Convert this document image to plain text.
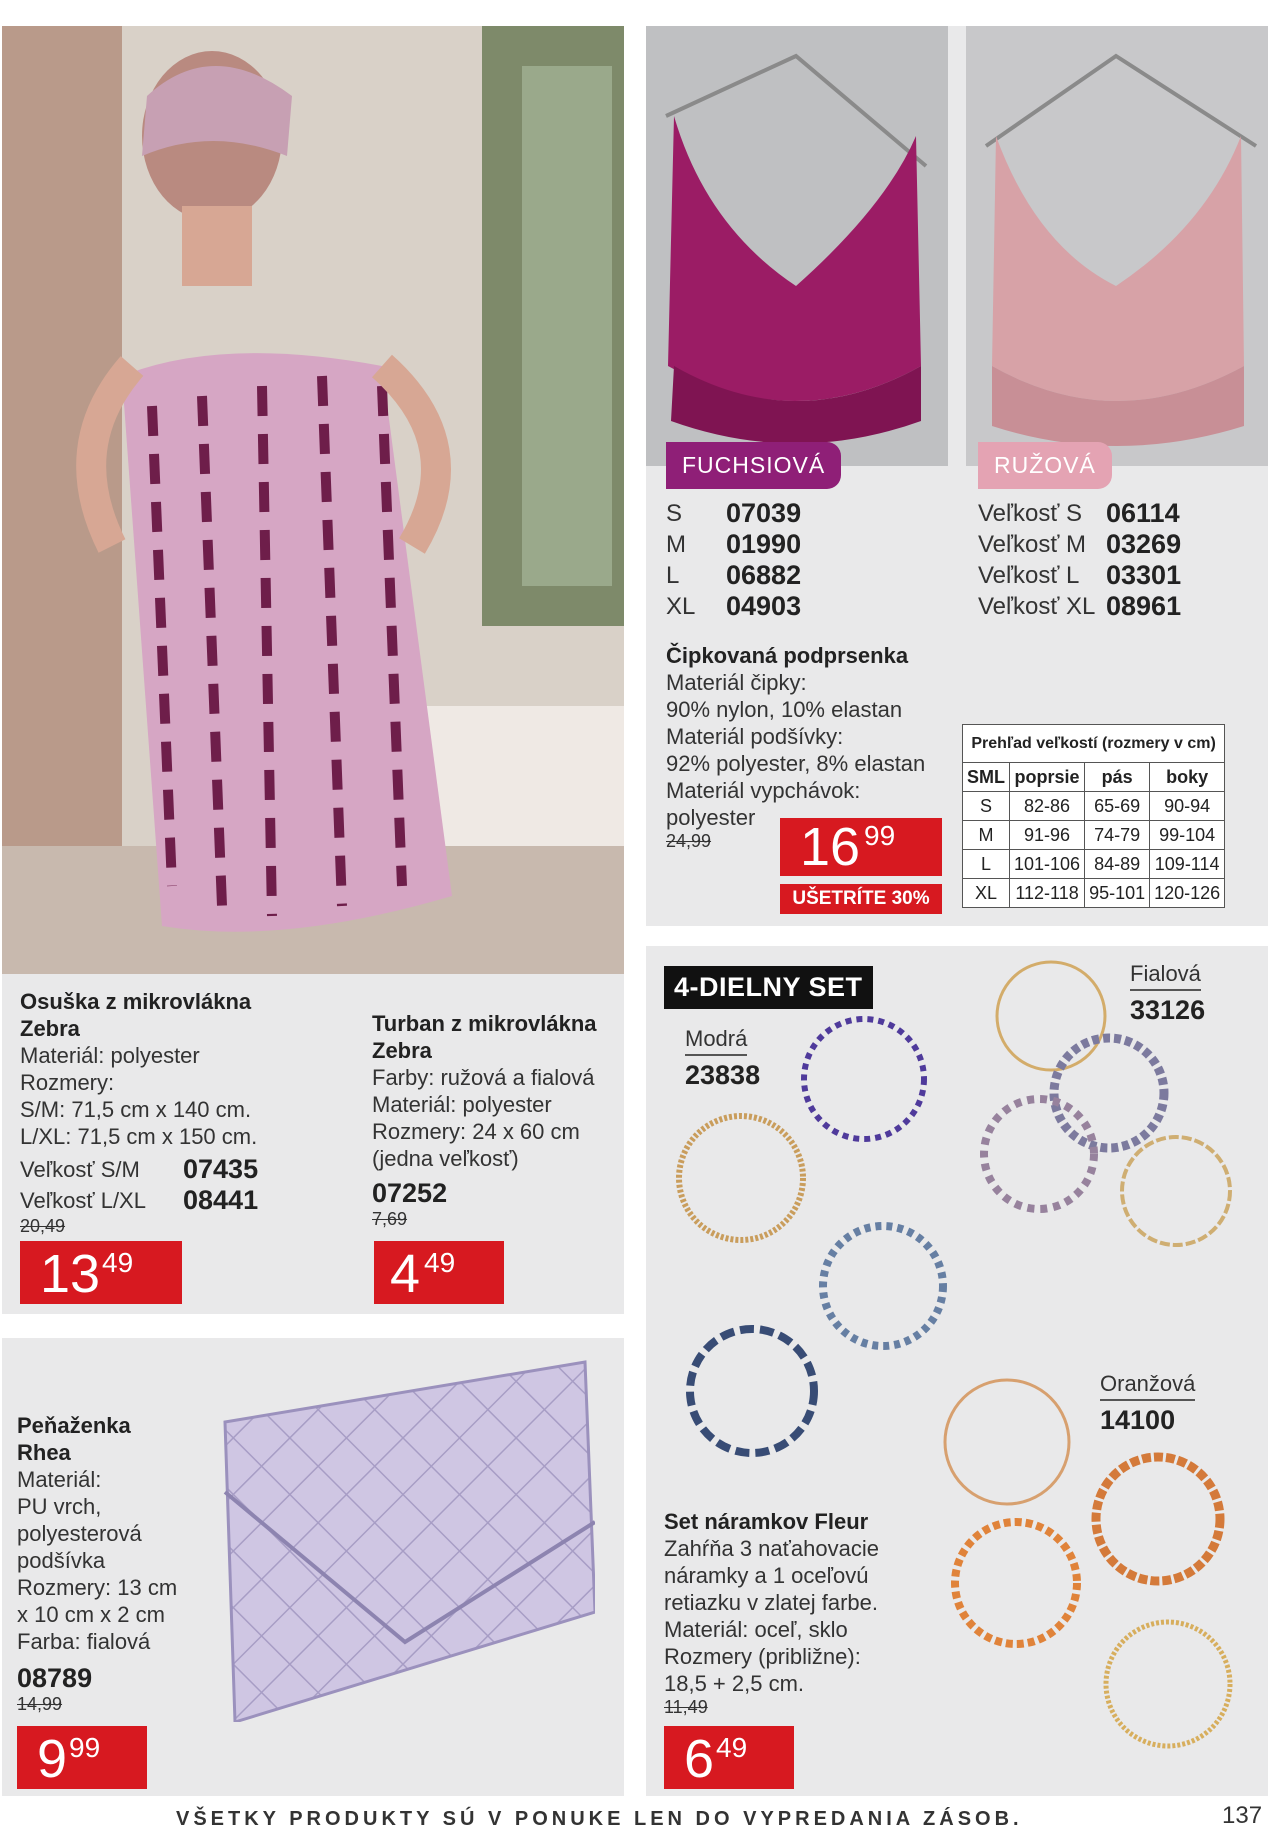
Osuška z mikrovlákna Zebra
Materiál: polyester
Rozmery:
S/M: 71,5 cm x 140 cm.
L/XL: 71,5 cm x 150 cm.
Veľkosť S/M	07435
Veľkosť L/XL	08441
20,49
13 49
Turban z mikrovlákna Zebra
Farby: ružová a fialová
Materiál: polyester
Rozmery: 24 x 60 cm
(jedna veľkosť)
07252
7,69
4 49
Peňaženka
Rhea
Materiál:
PU vrch,
polyesterová
podšívka
Rozmery: 13 cm
x 10 cm x 2 cm
Farba: fialová
08789
14,99
9 99
FUCHSIOVÁ	RUŽOVÁ
S	07039
M	01990
L	06882
XL	04903
Veľkosť S 06114
Veľkosť M 03269
Veľkosť L 03301
Veľkosť XL 08961
Čipkovaná podprsenka
Materiál čipky:
90% nylon, 10% elastan
Materiál podšívky:
92% polyester, 8% elastan
Materiál vypchávok:
polyester
24,99	16 99
UŠETRÍTE 30%
Prehľad veľkostí (rozmery v cm)			
SML	poprsie	pás	boky
S	82-86	65-69	90-94
M	91-96	74-79	99-104
L	101-106	84-89	109-114
XL	112-118	95-101	120-126
4-DIELNY SET
Modrá
23838
Fialová
33126
Oranžová
14100
Set náramkov Fleur
Zahŕňa 3 naťahovacie
náramky a 1 oceľovú
retiazku v zlatej farbe.
Materiál: oceľ, sklo
Rozmery (približne):
18,5 + 2,5 cm.
11,49
6 49
VŠETKY PRODUKTY SÚ V PONUKE LEN DO VYPREDANIA ZÁSOB.	137
